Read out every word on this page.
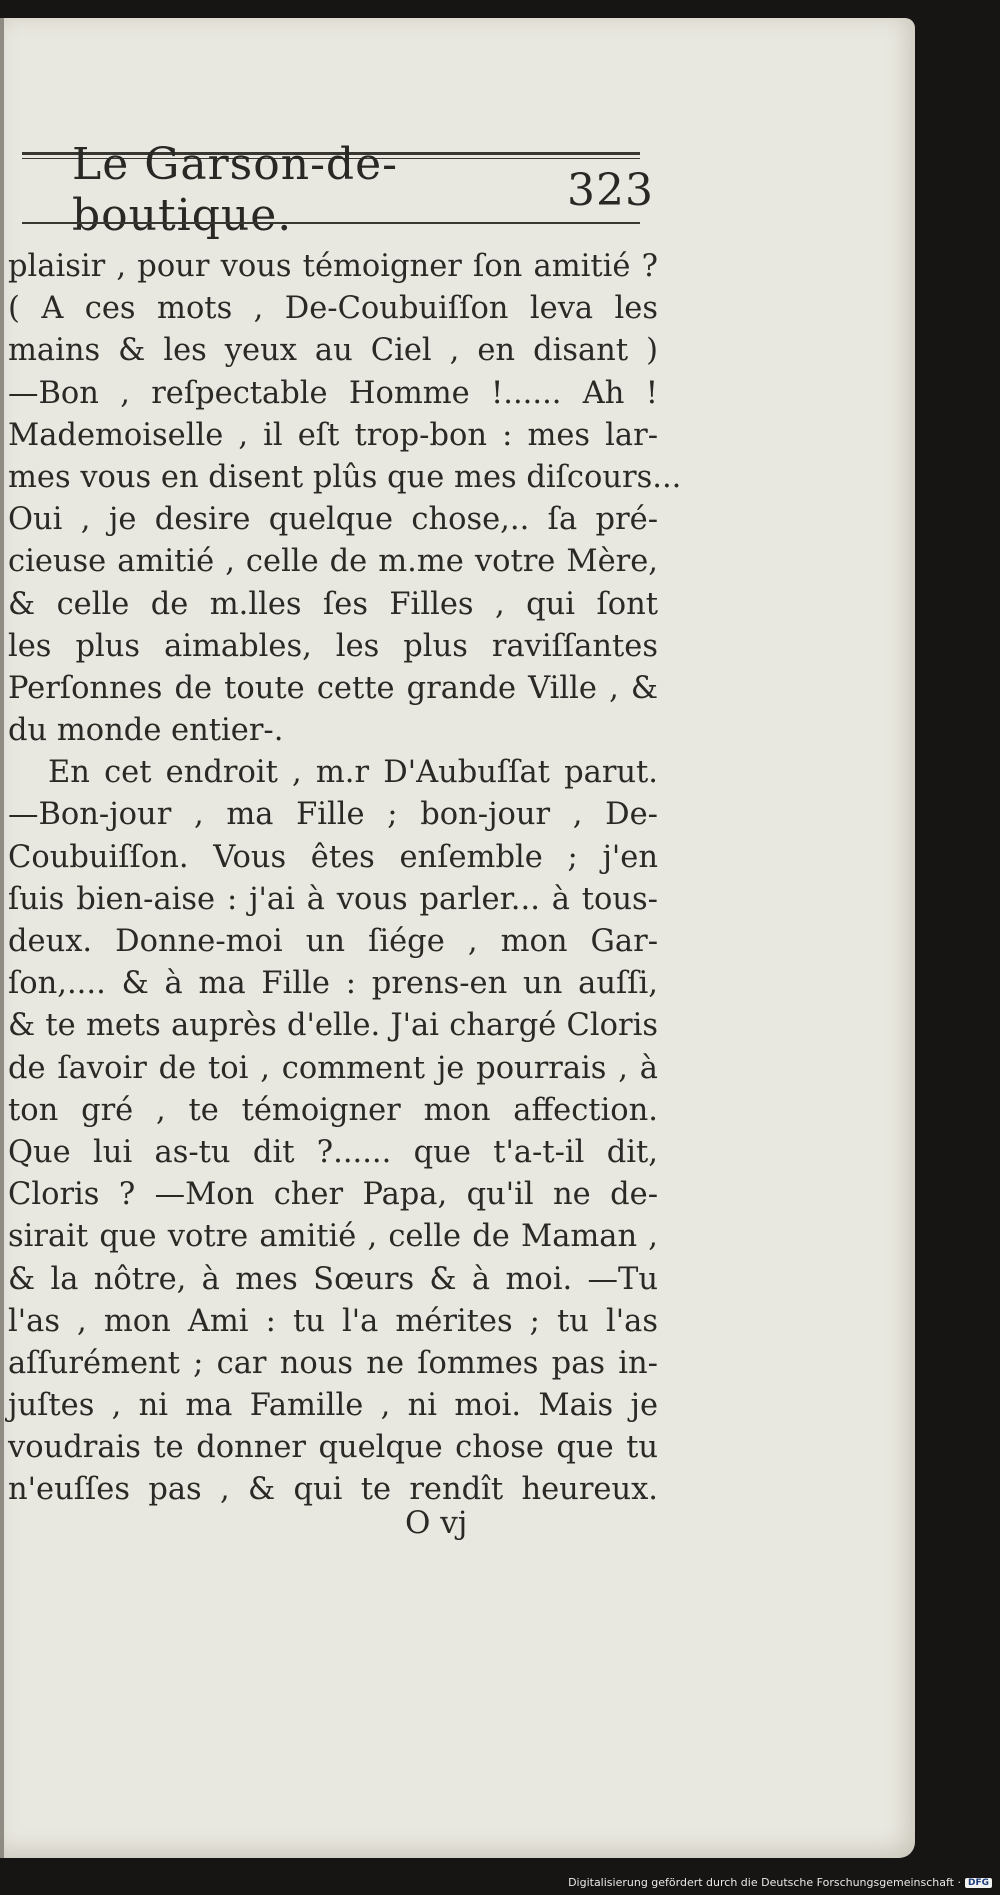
Le Garson-de-boutique.	323
plaisir , pour vous témoigner ſon amitié ?
( A ces mots , De-Coubuiſſon leva les
mains & les yeux au Ciel , en disant )
—Bon , reſpectable Homme !...... Ah !
Mademoiselle , il eſt trop-bon : mes lar-
mes vous en disent plûs que mes diſcours...
Oui , je desire quelque chose,.. ſa pré-
cieuse amitié , celle de m.me votre Mère,
& celle de m.lles ſes Filles , qui ſont
les plus aimables, les plus raviſſantes
Perſonnes de toute cette grande Ville , &
du monde entier-.
En cet endroit , m.r D'Aubuſſat parut.
—Bon-jour , ma Fille ; bon-jour , De-
Coubuiſſon. Vous êtes enſemble ; j'en
ſuis bien-aise : j'ai à vous parler... à tous-
deux. Donne-moi un ſiége , mon Gar-
ſon,.... & à ma Fille : prens-en un auſſi,
& te mets auprès d'elle. J'ai chargé Cloris
de ſavoir de toi , comment je pourrais , à
ton gré , te témoigner mon affection.
Que lui as-tu dit ?...... que t'a-t-il dit,
Cloris ? —Mon cher Papa, qu'il ne de-
sirait que votre amitié , celle de Maman ,
& la nôtre, à mes Sœurs & à moi. —Tu
l'as , mon Ami : tu l'a mérites ; tu l'as
aſſurément ; car nous ne ſommes pas in-
juſtes , ni ma Famille , ni moi. Mais je
voudrais te donner quelque chose que tu
n'euſſes pas , & qui te rendît heureux.
O vj
Digitalisierung gefördert durch die Deutsche Forschungsgemeinschaft · DFG
